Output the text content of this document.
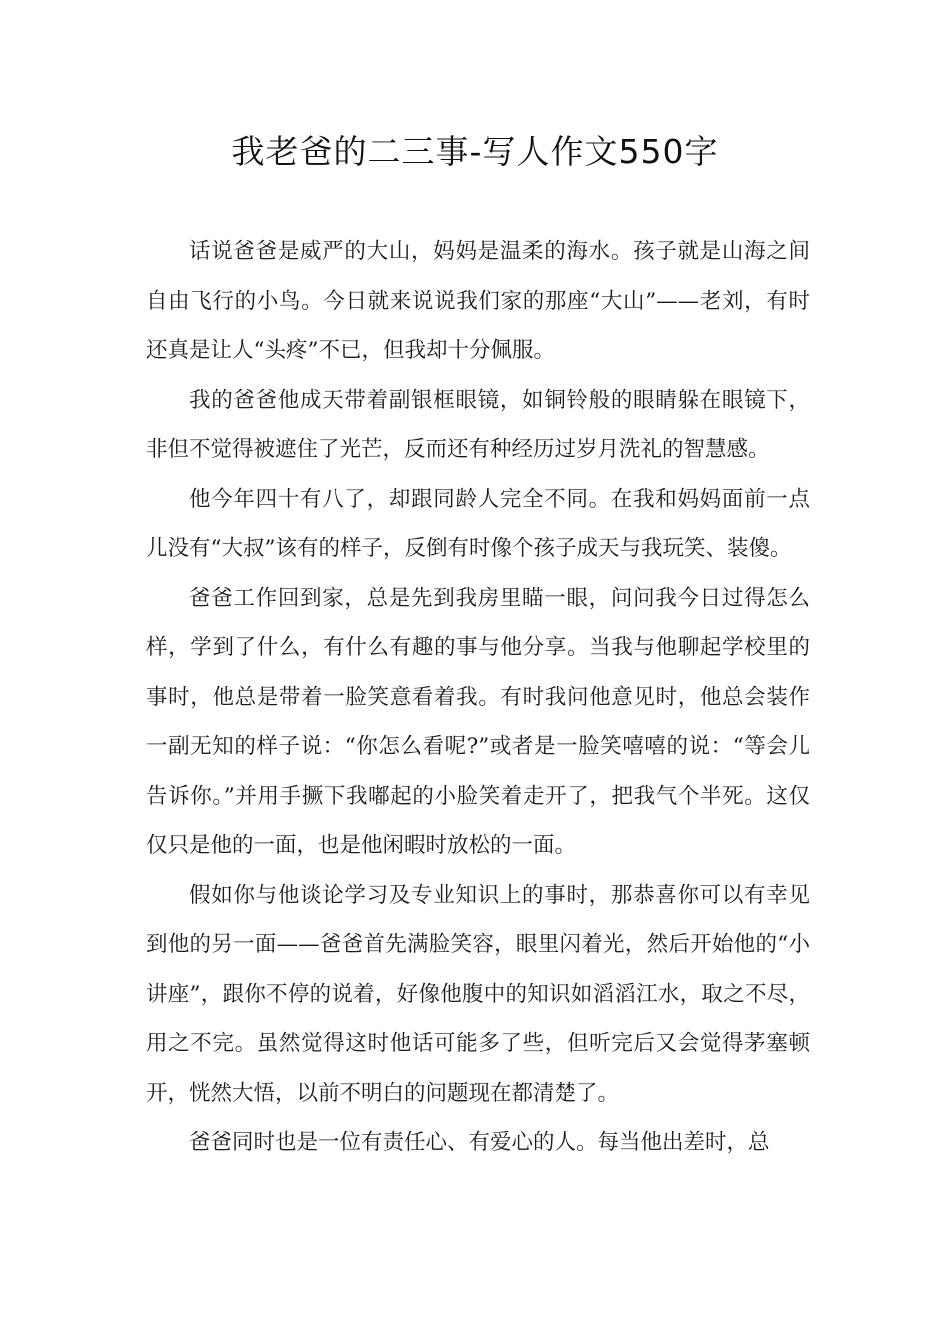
我老爸的二三事-写人作文550字

话说爸爸是威严的大山，妈妈是温柔的海水。孩子就是山海之间自由飞行的小鸟。今日就来说说我们家的那座“大山”——老刘，有时还真是让人“头疼”不已，但我却十分佩服。

我的爸爸他成天带着副银框眼镜，如铜铃般的眼睛躲在眼镜下，非但不觉得被遮住了光芒，反而还有种经历过岁月洗礼的智慧感。

他今年四十有八了，却跟同龄人完全不同。在我和妈妈面前一点儿没有“大叔”该有的样子，反倒有时像个孩子成天与我玩笑、装傻。

爸爸工作回到家，总是先到我房里瞄一眼，问问我今日过得怎么样，学到了什么，有什么有趣的事与他分享。当我与他聊起学校里的事时，他总是带着一脸笑意看着我。有时我问他意见时，他总会装作一副无知的样子说：“你怎么看呢?”或者是一脸笑嘻嘻的说：“等会儿告诉你。”并用手撅下我嘟起的小脸笑着走开了，把我气个半死。这仅仅只是他的一面，也是他闲暇时放松的一面。

假如你与他谈论学习及专业知识上的事时，那恭喜你可以有幸见到他的另一面——爸爸首先满脸笑容，眼里闪着光，然后开始他的“小讲座”，跟你不停的说着，好像他腹中的知识如滔滔江水，取之不尽，用之不完。虽然觉得这时他话可能多了些，但听完后又会觉得茅塞顿开，恍然大悟，以前不明白的问题现在都清楚了。

爸爸同时也是一位有责任心、有爱心的人。每当他出差时，总
